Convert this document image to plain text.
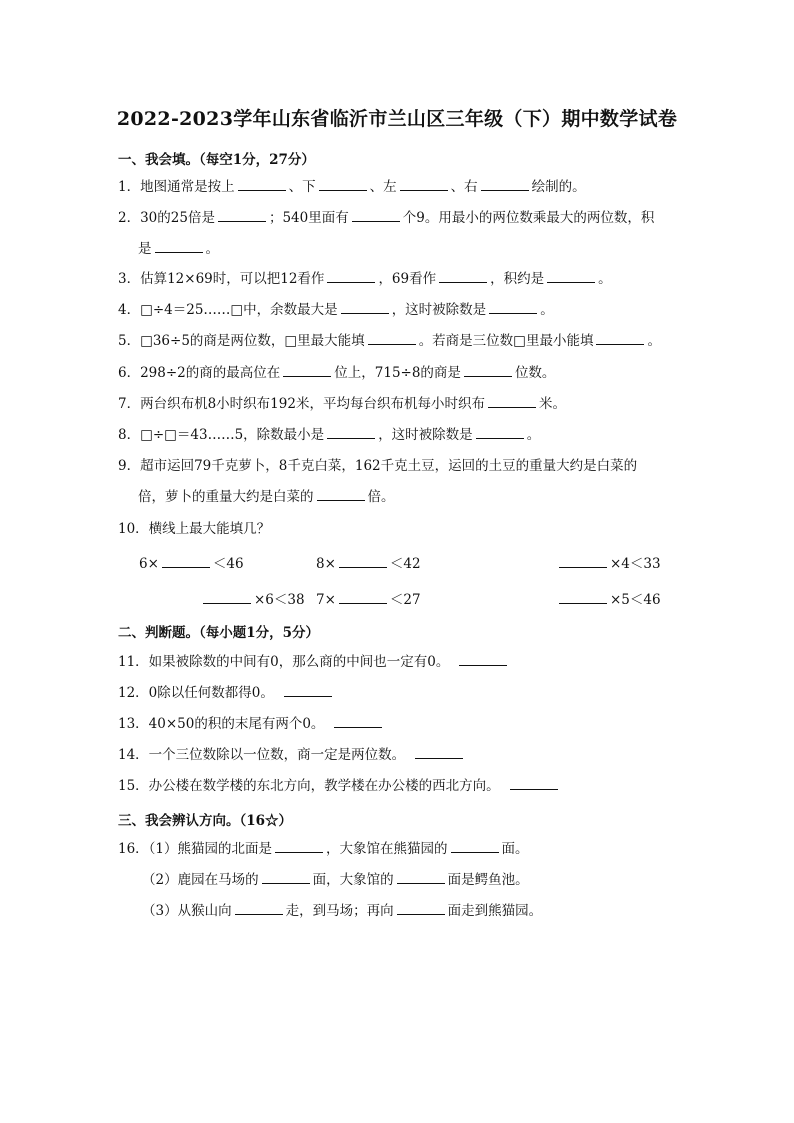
2022-2023学年山东省临沂市兰山区三年级（下）期中数学试卷
一、我会填。（每空1分，27分）
1．地图通常是按上	、下	、左	、右	绘制的。
2．30的25倍是	；540里面有	个9。用最小的两位数乘最大的两位数，积
是	。
3．估算12×69时，可以把12看作	，69看作	，积约是	。
4．□÷4＝25……□中，余数最大是	，这时被除数是	。
5．□36÷5的商是两位数，□里最大能填	。若商是三位数□里最小能填	。
6．298÷2的商的最高位在	位上，715÷8的商是	位数。
7．两台织布机8小时织布192米，平均每台织布机每小时织布	米。
8．□÷□＝43……5，除数最小是	，这时被除数是	。
9．超市运回79千克萝卜，8千克白菜，162千克土豆，运回的土豆的重量大约是白菜的
倍，萝卜的重量大约是白菜的	倍。
10．横线上最大能填几？
6×	＜46	8×	＜42	×4＜33
×6＜38 7×	＜27	×5＜46
二、判断题。（每小题1分，5分）
11．如果被除数的中间有0，那么商的中间也一定有0。
12．0除以任何数都得0。
13．40×50的积的末尾有两个0。
14．一个三位数除以一位数，商一定是两位数。
15．办公楼在数学楼的东北方向，教学楼在办公楼的西北方向。
三、我会辨认方向。（16☆）
16．（1）熊猫园的北面是	，大象馆在熊猫园的	面。
（2）鹿园在马场的	面，大象馆的	面是鳄鱼池。
（3）从猴山向	走，到马场；再向	面走到熊猫园。
